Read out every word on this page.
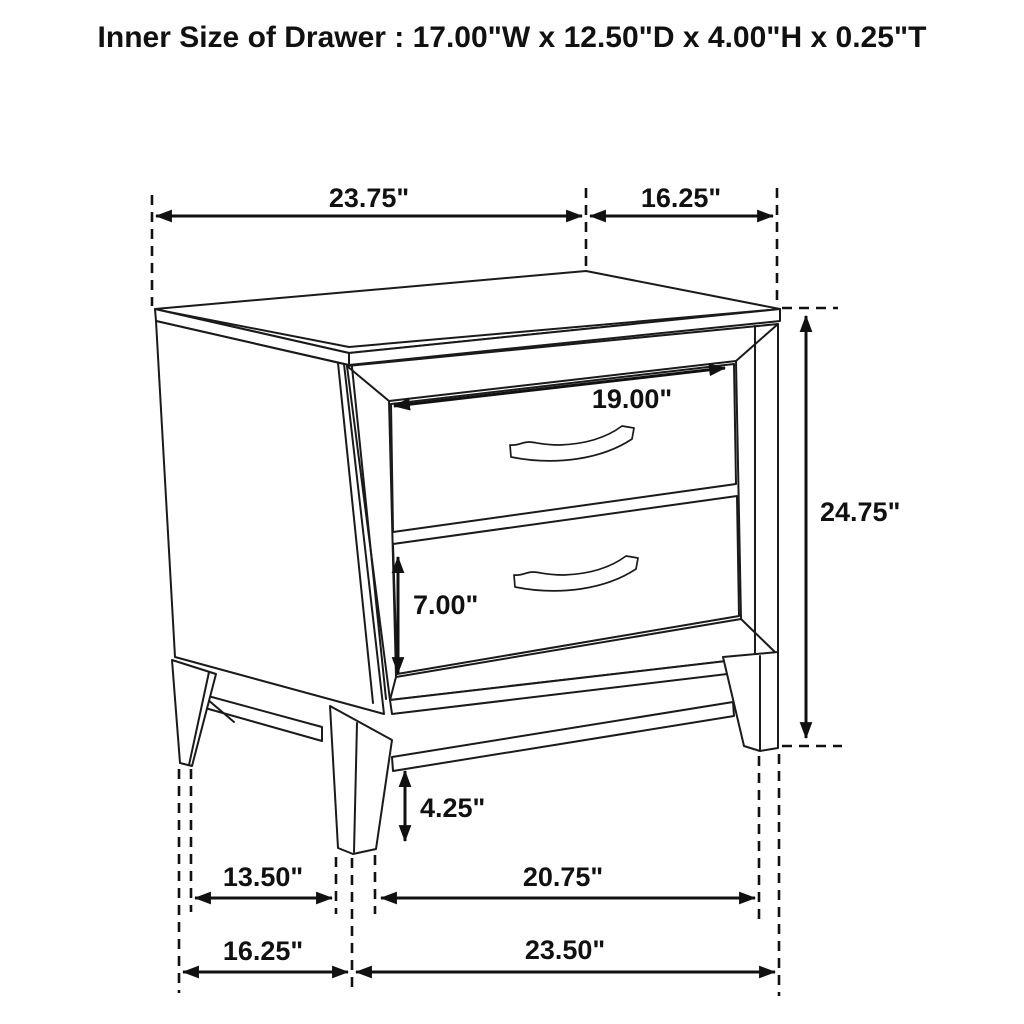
23.75"	16.25"
24.75"
19.00"
7.00"
4.25"
13.50"	20.75"
16.25"	23.50"
Inner Size of Drawer : 17.00"W x 12.50"D x 4.00"H x 0.25"T
